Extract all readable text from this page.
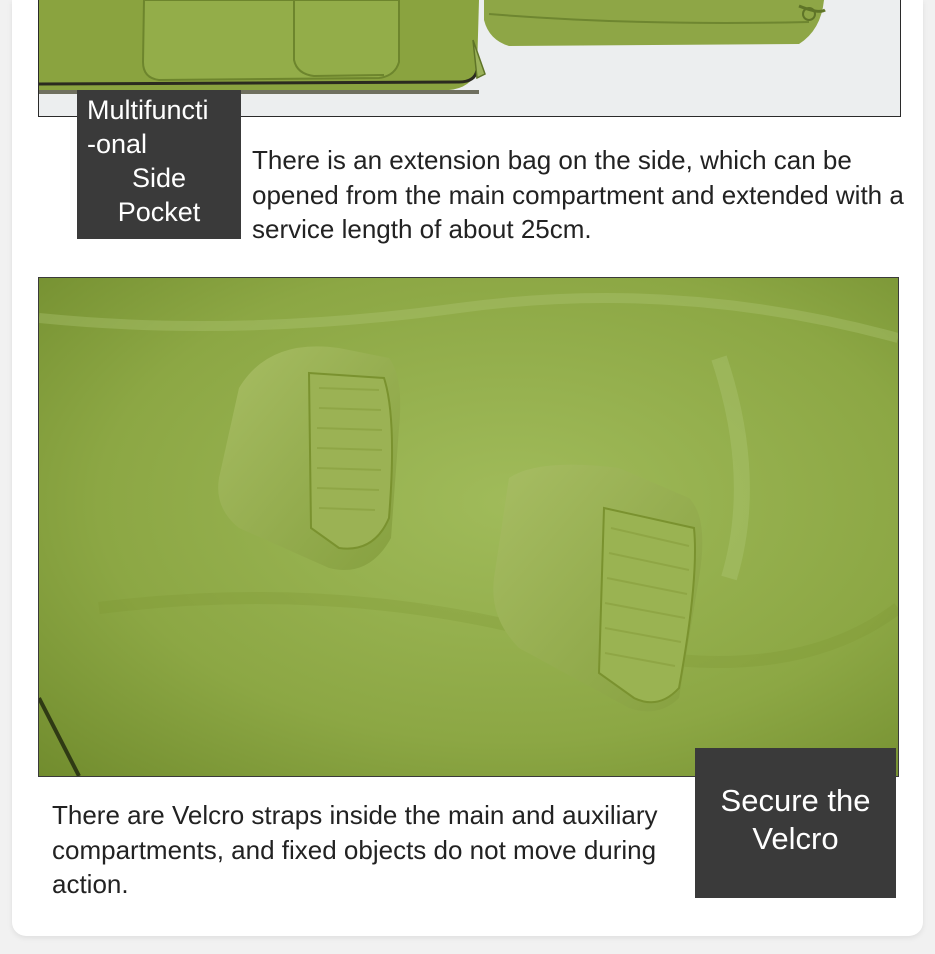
Multifuncti
-onal
Side
Pocket
There is an extension bag on the side, which can be opened from the main compartment and extended with a service length of about 25cm.
Secure the
Velcro
There are Velcro straps inside the main and auxiliary compartments, and fixed objects do not move during action.
